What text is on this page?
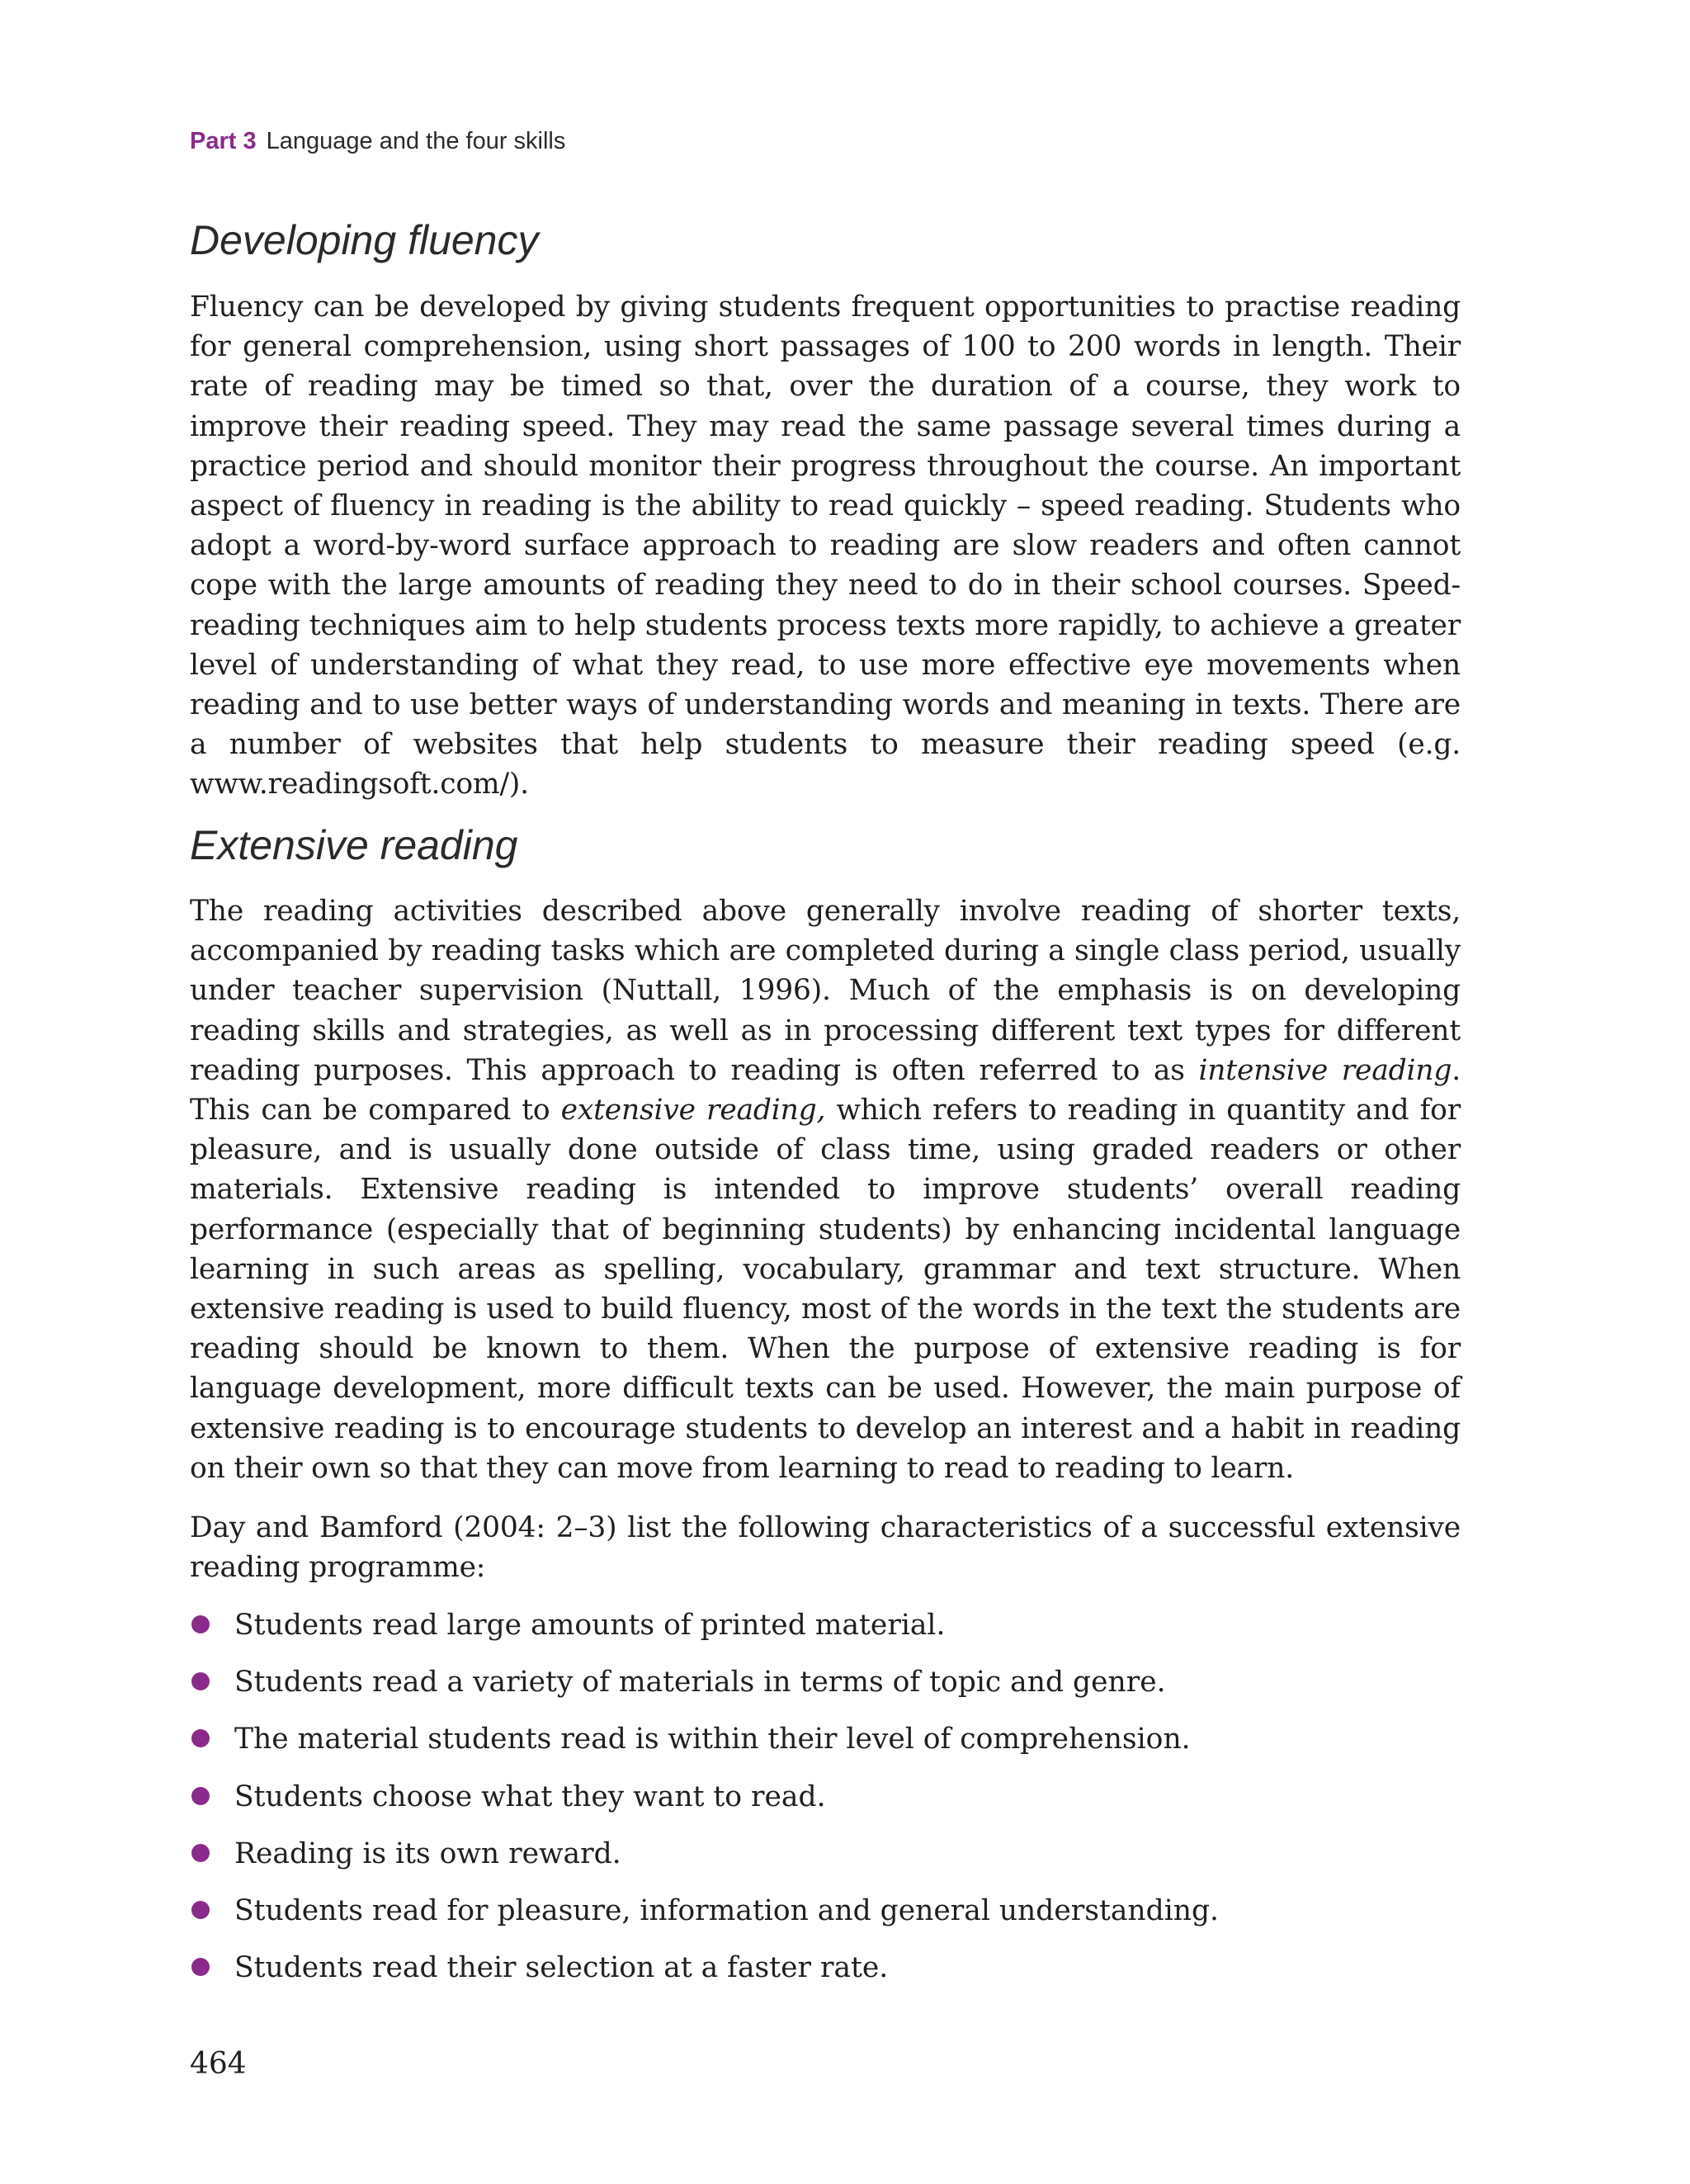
Part 3 Language and the four skills
Developing fluency

Fluency can be developed by giving students frequent opportunities to practise reading for general comprehension, using short passages of 100 to 200 words in length. Their rate of reading may be timed so that, over the duration of a course, they work to improve their reading speed. They may read the same passage several times during a practice period and should monitor their progress throughout the course. An important aspect of fluency in reading is the ability to read quickly – speed reading. Students who adopt a word-by-word surface approach to reading are slow readers and often cannot cope with the large amounts of reading they need to do in their school courses. Speed-reading techniques aim to help students process texts more rapidly, to achieve a greater level of understanding of what they read, to use more effective eye movements when reading and to use better ways of understanding words and meaning in texts. There are a number of websites that help students to measure their reading speed (e.g. www.readingsoft.com/).

Extensive reading

The reading activities described above generally involve reading of shorter texts, accompanied by reading tasks which are completed during a single class period, usually under teacher supervision (Nuttall, 1996). Much of the emphasis is on developing reading skills and strategies, as well as in processing different text types for different reading purposes. This approach to reading is often referred to as intensive reading. This can be compared to extensive reading, which refers to reading in quantity and for pleasure, and is usually done outside of class time, using graded readers or other materials. Extensive reading is intended to improve students’ overall reading performance (especially that of beginning students) by enhancing incidental language learning in such areas as spelling, vocabulary, grammar and text structure. When extensive reading is used to build fluency, most of the words in the text the students are reading should be known to them. When the purpose of extensive reading is for language development, more difficult texts can be used. However, the main purpose of extensive reading is to encourage students to develop an interest and a habit in reading on their own so that they can move from learning to read to reading to learn.

Day and Bamford (2004: 2–3) list the following characteristics of a successful extensive reading programme:

Students read large amounts of printed material.
Students read a variety of materials in terms of topic and genre.
The material students read is within their level of comprehension.
Students choose what they want to read.
Reading is its own reward.
Students read for pleasure, information and general understanding.
Students read their selection at a faster rate.
464
